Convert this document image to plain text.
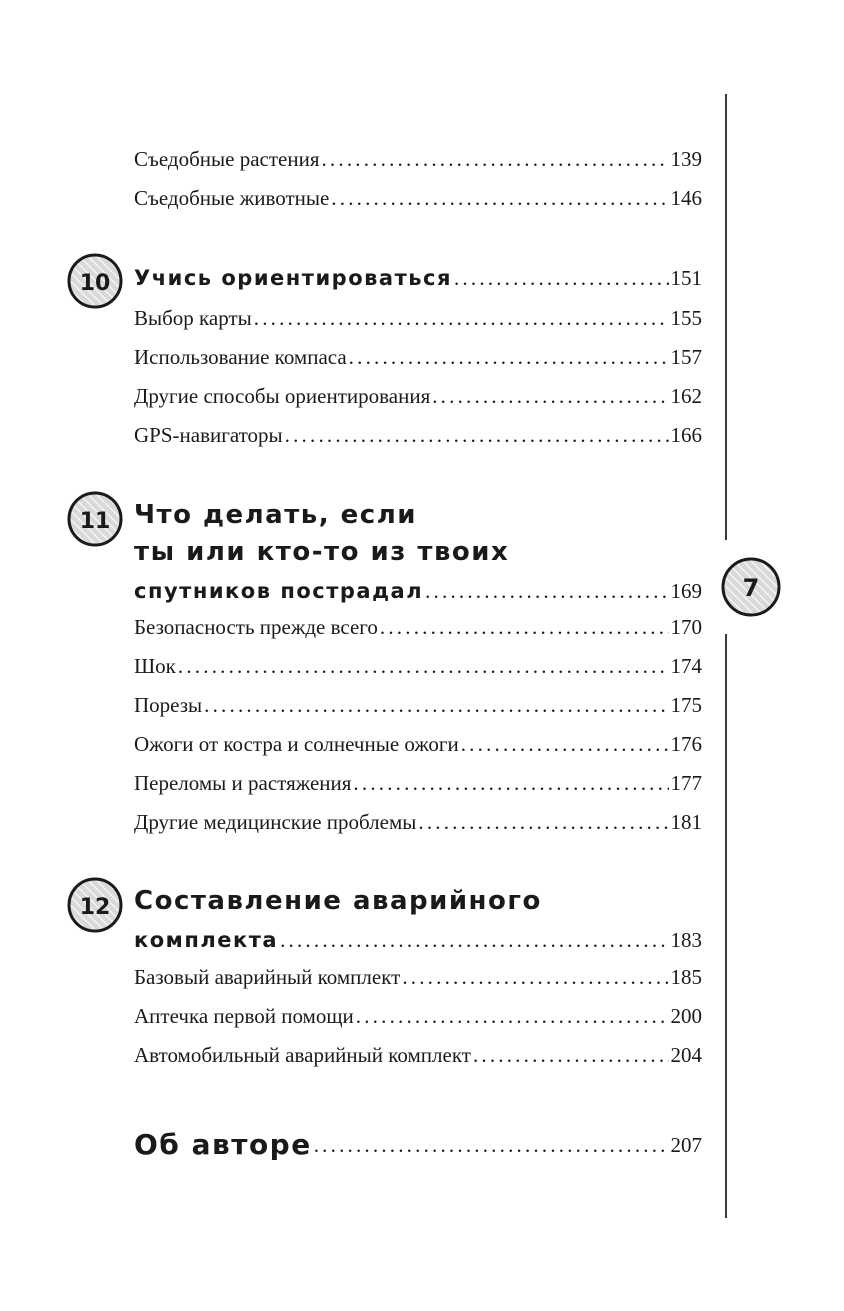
7
Съедобные растения .....	139
Съедобные животные .....	146
10 Учись ориентироваться .....	151
Выбор карты .....	155
Использование компаса .....	157
Другие способы ориентирования .....	162
GPS-навигаторы .....	166
11 Что делать, если
ты или кто-то из твоих
спутников пострадал .....	169
Безопасность прежде всего .....	170
Шок .....	174
Порезы .....	175
Ожоги от костра и солнечные ожоги .....	176
Переломы и растяжения .....	177
Другие медицинские проблемы .....	181
12 Составление аварийного
комплекта .....	183
Базовый аварийный комплект .....	185
Аптечка первой помощи .....	200
Автомобильный аварийный комплект .....	204
Об авторе .....	207
